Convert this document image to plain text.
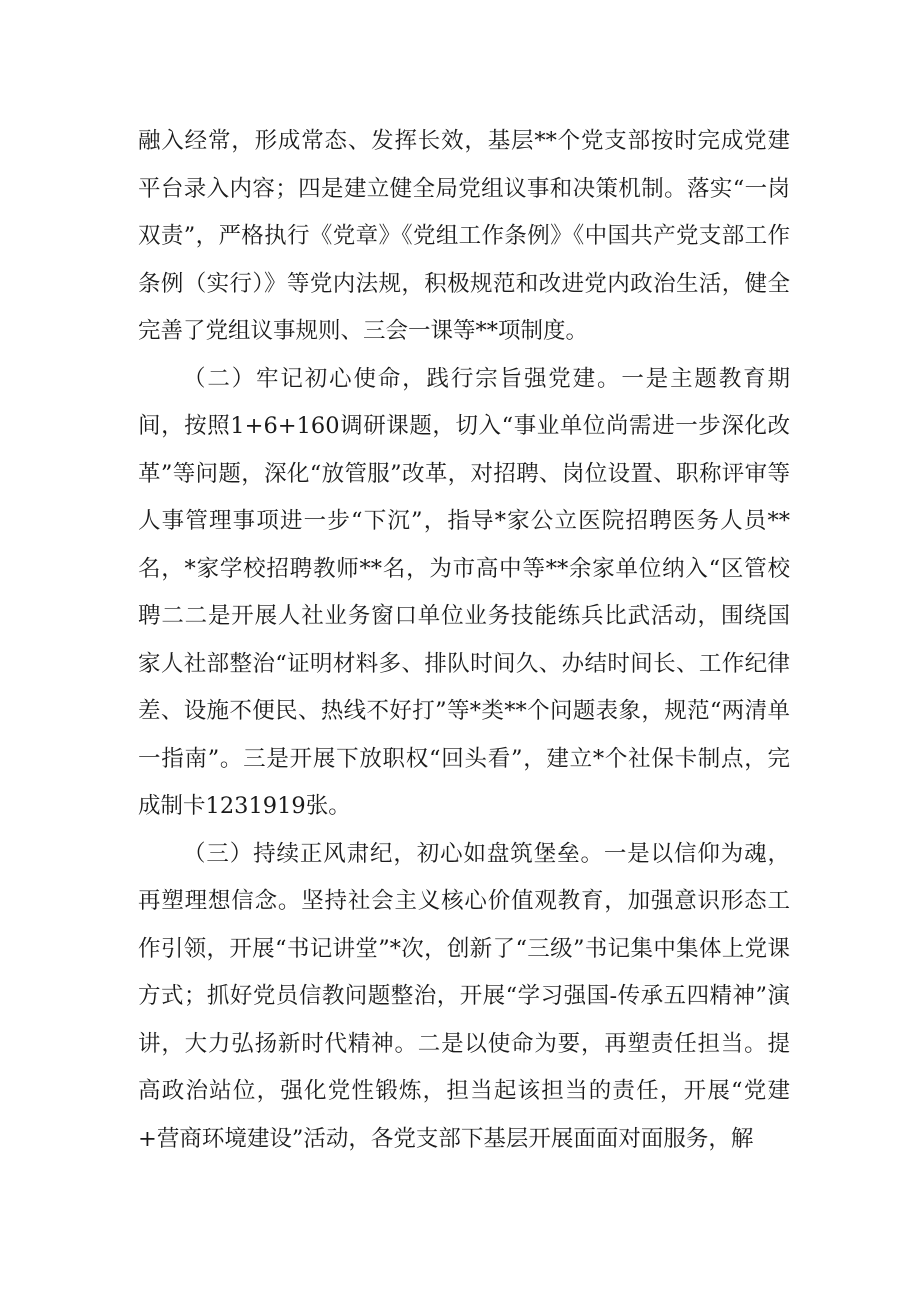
融入经常，形成常态、发挥长效，基层**个党支部按时完成党建平台录入内容；四是建立健全局党组议事和决策机制。落实“一岗双责”，严格执行《党章》《党组工作条例》《中国共产党支部工作条例（实行）》等党内法规，积极规范和改进党内政治生活，健全完善了党组议事规则、三会一课等**项制度。

（二）牢记初心使命，践行宗旨强党建。一是主题教育期间，按照1+6+160调研课题，切入“事业单位尚需进一步深化改革”等问题，深化“放管服”改革，对招聘、岗位设置、职称评审等人事管理事项进一步“下沉”，指导*家公立医院招聘医务人员**名，*家学校招聘教师**名，为市高中等**余家单位纳入“区管校聘二二是开展人社业务窗口单位业务技能练兵比武活动，围绕国家人社部整治“证明材料多、排队时间久、办结时间长、工作纪律差、设施不便民、热线不好打”等*类**个问题表象，规范“两清单一指南”。三是开展下放职权“回头看”，建立*个社保卡制点，完成制卡1231919张。

（三）持续正风肃纪，初心如盘筑堡垒。一是以信仰为魂，再塑理想信念。坚持社会主义核心价值观教育，加强意识形态工作引领，开展“书记讲堂”*次，创新了“三级”书记集中集体上党课方式；抓好党员信教问题整治，开展“学习强国-传承五四精神”演讲，大力弘扬新时代精神。二是以使命为要，再塑责任担当。提高政治站位，强化党性锻炼，担当起该担当的责任，开展“党建+营商环境建设”活动，各党支部下基层开展面面对面服务，解
